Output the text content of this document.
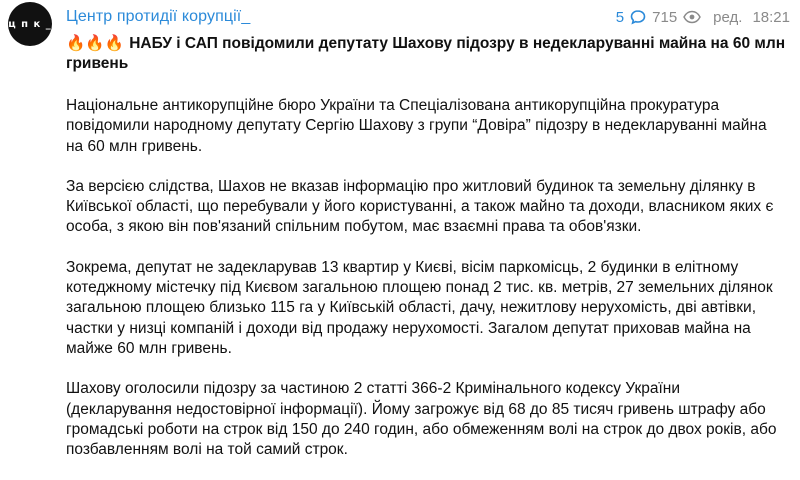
ц п к _ Центр протидії корупції_	5 715 ред. 18:21
🔥🔥🔥 НАБУ і САП повідомили депутату Шахову підозру в недекларуванні майна на 60 млн гривень

Національне антикорупційне бюро України та Спеціалізована антикорупційна прокуратура повідомили народному депутату Сергію Шахову з групи “Довіра” підозру в недекларуванні майна на 60 млн гривень.

За версією слідства, Шахов не вказав інформацію про житловий будинок та земельну ділянку в Київської області, що перебували у його користуванні, а також майно та доходи, власником яких є особа, з якою він пов'язаний спільним побутом, має взаємні права та обов'язки.

Зокрема, депутат не задекларував 13 квартир у Києві, вісім паркомісць, 2 будинки в елітному котеджному містечку під Києвом загальною площею понад 2 тис. кв. метрів, 27 земельних ділянок загальною площею близько 115 га у Київській області, дачу, нежитлову нерухомість, дві автівки, частки у низці компаній і доходи від продажу нерухомості. Загалом депутат приховав майна на майже 60 млн гривень.

Шахову оголосили підозру за частиною 2 статті 366-2 Кримінального кодексу України (декларування недостовірної інформації). Йому загрожує від 68 до 85 тисяч гривень штрафу або громадські роботи на строк від 150 до 240 годин, або обмеженням волі на строк до двох років, або позбавленням волі на той самий строк.
